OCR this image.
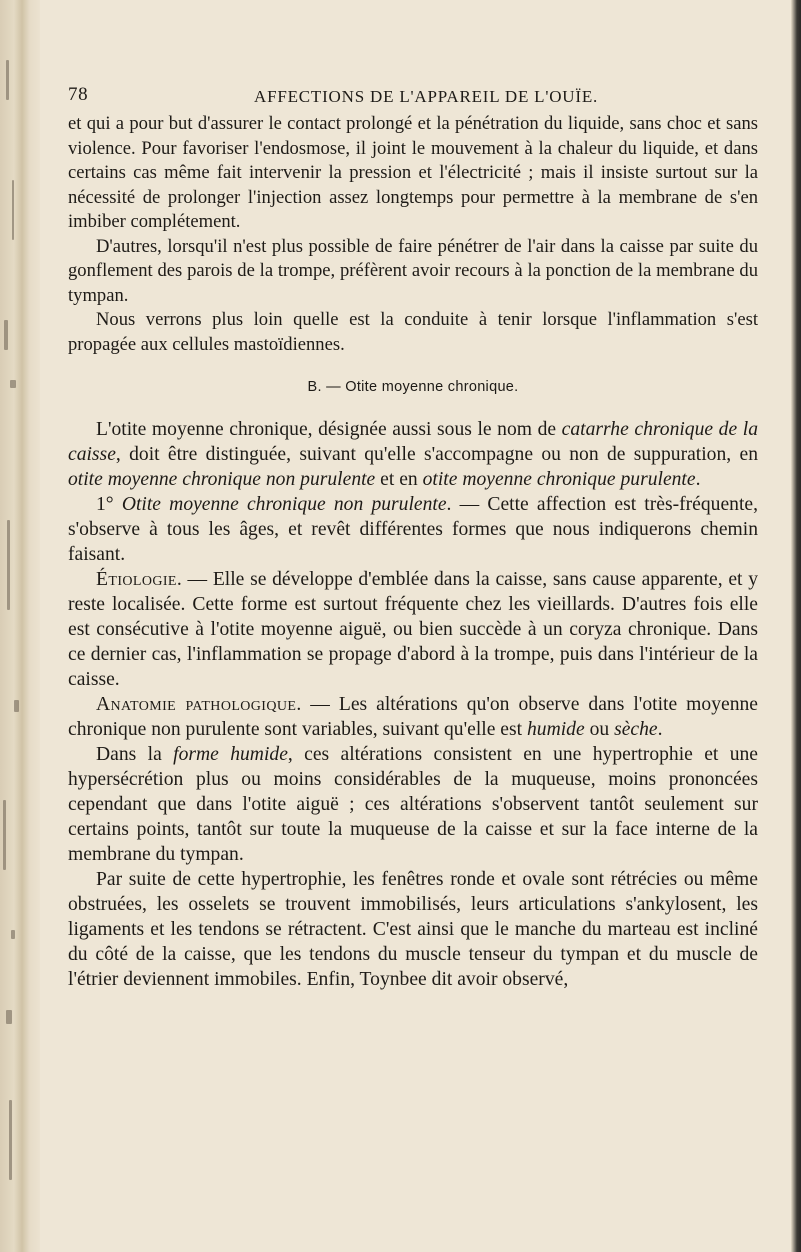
78	AFFECTIONS DE L'APPAREIL DE L'OUÏE.

et qui a pour but d'assurer le contact prolongé et la pénétration du liquide, sans choc et sans violence. Pour favoriser l'endosmose, il joint le mouvement à la chaleur du liquide, et dans certains cas même fait intervenir la pression et l'électricité ; mais il insiste surtout sur la nécessité de prolonger l'injection assez longtemps pour permettre à la membrane de s'en imbiber complétement.

D'autres, lorsqu'il n'est plus possible de faire pénétrer de l'air dans la caisse par suite du gonflement des parois de la trompe, préfèrent avoir recours à la ponction de la membrane du tympan.

Nous verrons plus loin quelle est la conduite à tenir lorsque l'inflammation s'est propagée aux cellules mastoïdiennes.

B. — Otite moyenne chronique.

L'otite moyenne chronique, désignée aussi sous le nom de catarrhe chronique de la caisse, doit être distinguée, suivant qu'elle s'accompagne ou non de suppuration, en otite moyenne chronique non purulente et en otite moyenne chronique purulente.

1° Otite moyenne chronique non purulente. — Cette affection est très-fréquente, s'observe à tous les âges, et revêt différentes formes que nous indiquerons chemin faisant.

Étiologie. — Elle se développe d'emblée dans la caisse, sans cause apparente, et y reste localisée. Cette forme est surtout fréquente chez les vieillards. D'autres fois elle est consécutive à l'otite moyenne aiguë, ou bien succède à un coryza chronique. Dans ce dernier cas, l'inflammation se propage d'abord à la trompe, puis dans l'intérieur de la caisse.

Anatomie pathologique. — Les altérations qu'on observe dans l'otite moyenne chronique non purulente sont variables, suivant qu'elle est humide ou sèche.

Dans la forme humide, ces altérations consistent en une hypertrophie et une hypersécrétion plus ou moins considérables de la muqueuse, moins prononcées cependant que dans l'otite aiguë ; ces altérations s'observent tantôt seulement sur certains points, tantôt sur toute la muqueuse de la caisse et sur la face interne de la membrane du tympan.

Par suite de cette hypertrophie, les fenêtres ronde et ovale sont rétrécies ou même obstruées, les osselets se trouvent immobilisés, leurs articulations s'ankylosent, les ligaments et les tendons se rétractent. C'est ainsi que le manche du marteau est incliné du côté de la caisse, que les tendons du muscle tenseur du tympan et du muscle de l'étrier deviennent immobiles. Enfin, Toynbee dit avoir observé,
